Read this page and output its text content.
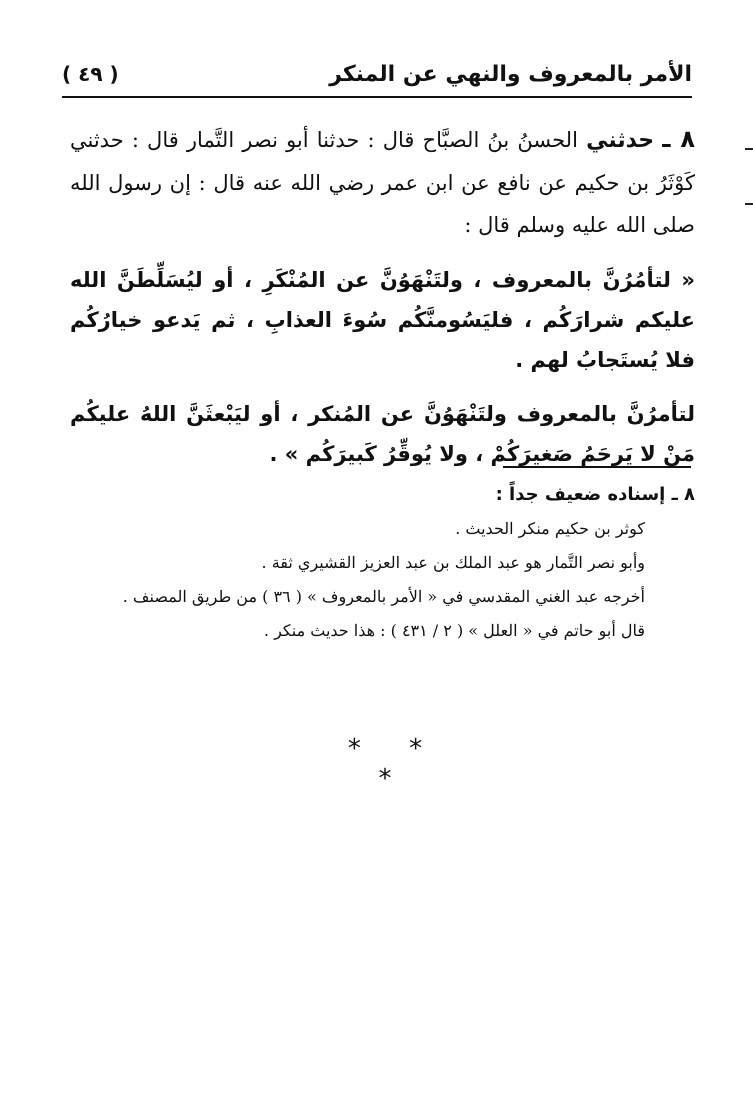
الأمر بالمعروف والنهي عن المنكر
( ٤٩ )

٨ ـ حدثني الحسنُ بنُ الصبَّاح قال : حدثنا أبو نصر التَّمار قال : حدثني كَوْثَرُ بن حكيم عن نافع عن ابن عمر رضي الله عنه قال : إن رسول الله صلى الله عليه وسلم قال :

« لتأمُرُنَّ بالمعروف ، ولتَنْهَوُنَّ عن المُنْكَرِ ، أو ليُسَلِّطَنَّ الله عليكم شرارَكُم ، فليَسُومنَّكُم سُوءَ العذابِ ، ثم يَدعو خيارُكُم فلا يُستَجابُ لهم .

لتأمرُنَّ بالمعروف ولتَنْهَوُنَّ عن المُنكر ، أو ليَبْعثَنَّ اللهُ عليكُم مَنْ لا يَرحَمُ صَغيرَكُمْ ، ولا يُوقِّرُ كَبيرَكُم » .

٨ ـ إسناده ضعيف جداً :

كوثر بن حكيم منكر الحديث .

وأبو نصر التَّمار هو عبد الملك بن عبد العزيز القشيري ثقة .

أخرجه عبد الغني المقدسي في « الأمر بالمعروف » ( ٣٦ ) من طريق المصنف .

قال أبو حاتم في « العلل » ( ٢ / ٤٣١ ) : هذا حديث منكر .

* * *
